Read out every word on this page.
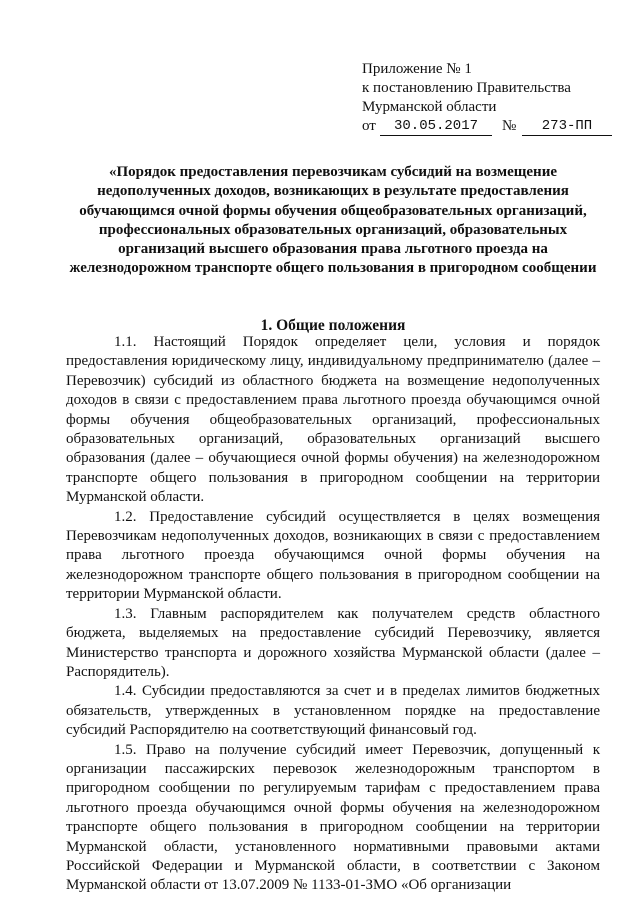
Приложение № 1
к постановлению Правительства
Мурманской области
от	30.05.2017	№	273-ПП
«Порядок предоставления перевозчикам субсидий на возмещение недополученных доходов, возникающих в результате предоставления обучающимся очной формы обучения общеобразовательных организаций, профессиональных образовательных организаций, образовательных организаций высшего образования права льготного проезда на железнодорожном транспорте общего пользования в пригородном сообщении
1. Общие положения

1.1. Настоящий Порядок определяет цели, условия и порядок предоставления юридическому лицу, индивидуальному предпринимателю (далее – Перевозчик) субсидий из областного бюджета на возмещение недополученных доходов в связи с предоставлением права льготного проезда обучающимся очной формы обучения общеобразовательных организаций, профессиональных образовательных организаций, образовательных организаций высшего образования (далее – обучающиеся очной формы обучения) на железнодорожном транспорте общего пользования в пригородном сообщении на территории Мурманской области.

1.2. Предоставление субсидий осуществляется в целях возмещения Перевозчикам недополученных доходов, возникающих в связи с предоставлением права льготного проезда обучающимся очной формы обучения на железнодорожном транспорте общего пользования в пригородном сообщении на территории Мурманской области.

1.3. Главным распорядителем как получателем средств областного бюджета, выделяемых на предоставление субсидий Перевозчику, является Министерство транспорта и дорожного хозяйства Мурманской области (далее – Распорядитель).

1.4. Субсидии предоставляются за счет и в пределах лимитов бюджетных обязательств, утвержденных в установленном порядке на предоставление субсидий Распорядителю на соответствующий финансовый год.

1.5. Право на получение субсидий имеет Перевозчик, допущенный к организации пассажирских перевозок железнодорожным транспортом в пригородном сообщении по регулируемым тарифам с предоставлением права льготного проезда обучающимся очной формы обучения на железнодорожном транспорте общего пользования в пригородном сообщении на территории Мурманской области, установленного нормативными правовыми актами Российской Федерации и Мурманской области, в соответствии с Законом Мурманской области от 13.07.2009 № 1133-01-ЗМО «Об организации
